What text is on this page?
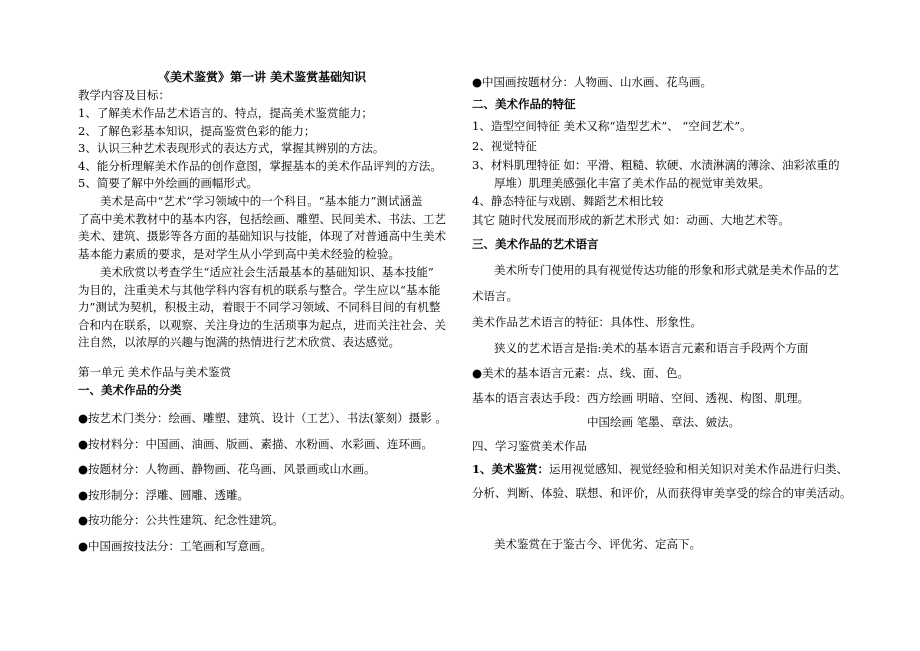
《美术鉴赏》第一讲 美术鉴赏基础知识
教学内容及目标：
1、了解美术作品艺术语言的、特点，提高美术鉴赏能力；
2、了解色彩基本知识，提高鉴赏色彩的能力；
3、认识三种艺术表现形式的表达方式，掌握其辨别的方法。
4、能分析理解美术作品的创作意图，掌握基本的美术作品评判的方法。
5、简要了解中外绘画的画幅形式。
美术是高中“艺术”学习领域中的一个科目。“基本能力”测试涵盖
了高中美术教材中的基本内容，包括绘画、雕塑、民间美术、书法、工艺
美术、建筑、摄影等各方面的基础知识与技能，体现了对普通高中生美术
基本能力素质的要求，是对学生从小学到高中美术经验的检验。
美术欣赏以考查学生“适应社会生活最基本的基础知识、基本技能”
为目的，注重美术与其他学科内容有机的联系与整合。学生应以“基本能
力”测试为契机，积极主动，着眼于不同学习领域、不同科目间的有机整
合和内在联系，以观察、关注身边的生活琐事为起点，进而关注社会、关
注自然，以浓厚的兴趣与饱满的热情进行艺术欣赏、表达感觉。
第一单元 美术作品与美术鉴赏
一、美术作品的分类
●按艺术门类分：绘画、雕塑、建筑、设计（工艺）、书法(篆刻）摄影 。
●按材料分：中国画、油画、版画、素描、水粉画、水彩画、连环画。
●按题材分：人物画、静物画、花鸟画、风景画或山水画。
●按形制分：浮雕、圆雕、透雕。
●按功能分：公共性建筑、纪念性建筑。
●中国画按技法分：工笔画和写意画。
●中国画按题材分：人物画、山水画、花鸟画。
二、美术作品的特征
1、造型空间特征 美术又称“造型艺术”、 “空间艺术”。
2、视觉特征
3、材料肌理特征 如：平滑、粗糙、软硬、水渍淋漓的薄涂、油彩浓重的
厚堆）肌理美感强化丰富了美术作品的视觉审美效果。
4、静态特征与戏剧、舞蹈艺术相比较
其它 随时代发展而形成的新艺术形式 如：动画、大地艺术等。
三、美术作品的艺术语言
美术所专门使用的具有视觉传达功能的形象和形式就是美术作品的艺
术语言。
美术作品艺术语言的特征：具体性、形象性。
狭义的艺术语言是指:美术的基本语言元素和语言手段两个方面
●美术的基本语言元素：点、线、面、色。
基本的语言表达手段：西方绘画 明暗、空间、透视、构图、肌理。
中国绘画 笔墨、章法、皴法。
四、学习鉴赏美术作品
1、美术鉴赏：运用视觉感知、视觉经验和相关知识对美术作品进行归类、
分析、判断、体验、联想、和评价，从而获得审美享受的综合的审美活动。
美术鉴赏在于鉴古今、评优劣、定高下。
